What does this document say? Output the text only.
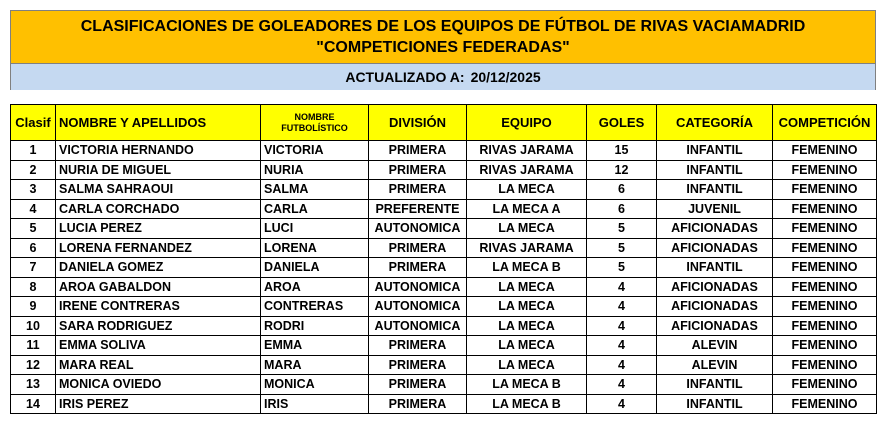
CLASIFICACIONES DE GOLEADORES DE LOS EQUIPOS DE FÚTBOL DE RIVAS VACIAMADRID
"COMPETICIONES FEDERADAS"
ACTUALIZADO A: 20/12/2025
Clasif	NOMBRE Y APELLIDOS	NOMBRE FUTBOLÍSTICO	DIVISIÓN	EQUIPO	GOLES	CATEGORÍA	COMPETICIÓN
1	VICTORIA HERNANDO	VICTORIA	PRIMERA	RIVAS JARAMA	15	INFANTIL	FEMENINO
2	NURIA DE MIGUEL	NURIA	PRIMERA	RIVAS JARAMA	12	INFANTIL	FEMENINO
3	SALMA SAHRAOUI	SALMA	PRIMERA	LA MECA	6	INFANTIL	FEMENINO
4	CARLA CORCHADO	CARLA	PREFERENTE	LA MECA A	6	JUVENIL	FEMENINO
5	LUCIA PEREZ	LUCI	AUTONOMICA	LA MECA	5	AFICIONADAS	FEMENINO
6	LORENA FERNANDEZ	LORENA	PRIMERA	RIVAS JARAMA	5	AFICIONADAS	FEMENINO
7	DANIELA GOMEZ	DANIELA	PRIMERA	LA MECA B	5	INFANTIL	FEMENINO
8	AROA GABALDON	AROA	AUTONOMICA	LA MECA	4	AFICIONADAS	FEMENINO
9	IRENE CONTRERAS	CONTRERAS	AUTONOMICA	LA MECA	4	AFICIONADAS	FEMENINO
10	SARA RODRIGUEZ	RODRI	AUTONOMICA	LA MECA	4	AFICIONADAS	FEMENINO
11	EMMA SOLIVA	EMMA	PRIMERA	LA MECA	4	ALEVIN	FEMENINO
12	MARA REAL	MARA	PRIMERA	LA MECA	4	ALEVIN	FEMENINO
13	MONICA OVIEDO	MONICA	PRIMERA	LA MECA B	4	INFANTIL	FEMENINO
14	IRIS PEREZ	IRIS	PRIMERA	LA MECA B	4	INFANTIL	FEMENINO
